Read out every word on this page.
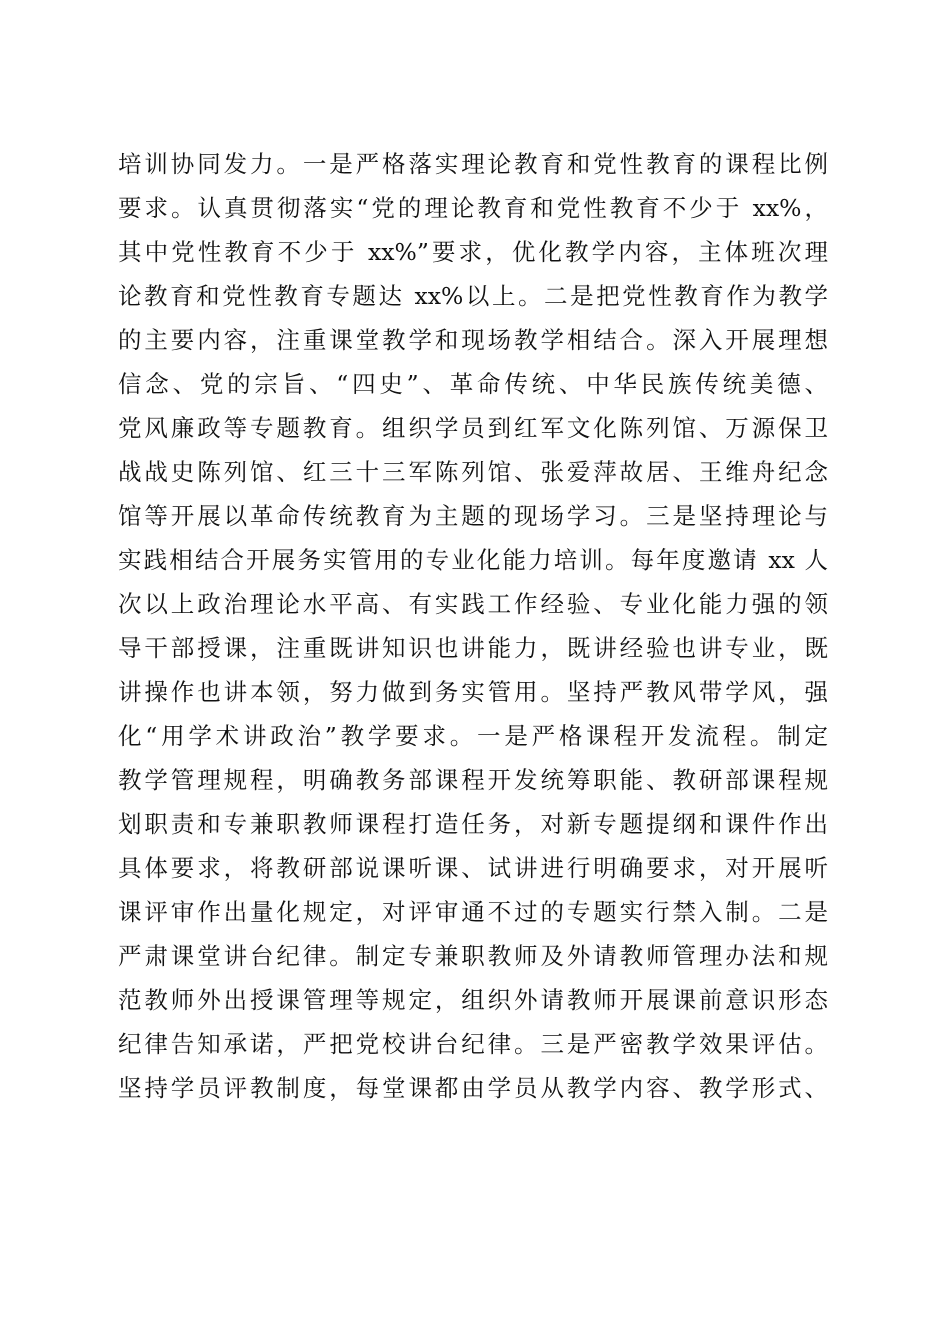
培训协同发力。一是严格落实理论教育和党性教育的课程比例
要求。认真贯彻落实“党的理论教育和党性教育不少于 xx%，
其中党性教育不少于 xx%”要求，优化教学内容，主体班次理
论教育和党性教育专题达 xx%以上。二是把党性教育作为教学
的主要内容，注重课堂教学和现场教学相结合。深入开展理想
信念、党的宗旨、“四史”、革命传统、中华民族传统美德、
党风廉政等专题教育。组织学员到红军文化陈列馆、万源保卫
战战史陈列馆、红三十三军陈列馆、张爱萍故居、王维舟纪念
馆等开展以革命传统教育为主题的现场学习。三是坚持理论与
实践相结合开展务实管用的专业化能力培训。每年度邀请 xx 人
次以上政治理论水平高、有实践工作经验、专业化能力强的领
导干部授课，注重既讲知识也讲能力，既讲经验也讲专业，既
讲操作也讲本领，努力做到务实管用。坚持严教风带学风，强
化“用学术讲政治”教学要求。一是严格课程开发流程。制定
教学管理规程，明确教务部课程开发统筹职能、教研部课程规
划职责和专兼职教师课程打造任务，对新专题提纲和课件作出
具体要求，将教研部说课听课、试讲进行明确要求，对开展听
课评审作出量化规定，对评审通不过的专题实行禁入制。二是
严肃课堂讲台纪律。制定专兼职教师及外请教师管理办法和规
范教师外出授课管理等规定，组织外请教师开展课前意识形态
纪律告知承诺，严把党校讲台纪律。三是严密教学效果评估。
坚持学员评教制度，每堂课都由学员从教学内容、教学形式、
